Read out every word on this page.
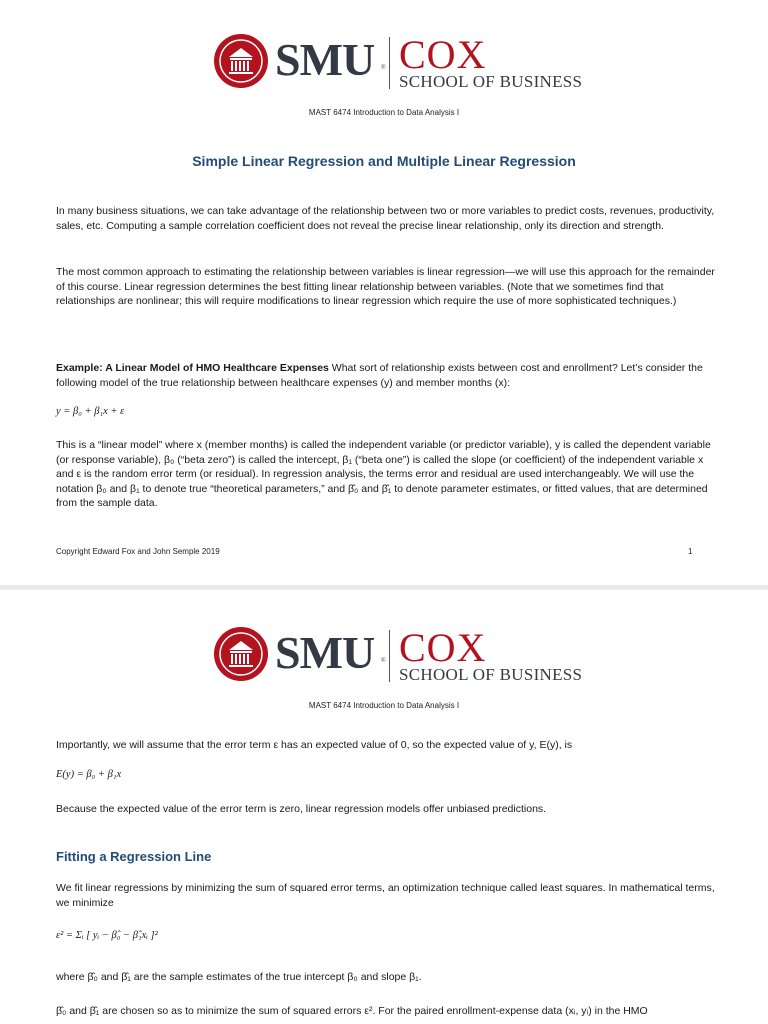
SMU ® COX
SCHOOL OF BUSINESS
MAST 6474 Introduction to Data Analysis I
Simple Linear Regression and Multiple Linear Regression
In many business situations, we can take advantage of the relationship between two or more variables to predict costs, revenues, productivity, sales, etc. Computing a sample correlation coefficient does not reveal the precise linear relationship, only its direction and strength.
The most common approach to estimating the relationship between variables is linear regression—we will use this approach for the remainder of this course. Linear regression determines the best fitting linear relationship between variables. (Note that we sometimes find that relationships are nonlinear; this will require modifications to linear regression which require the use of more sophisticated techniques.)
Example: A Linear Model of HMO Healthcare Expenses What sort of relationship exists between cost and enrollment? Let’s consider the following model of the true relationship between healthcare expenses (y) and member months (x):
y = β₀ + β₁x + ε
This is a “linear model” where x (member months) is called the independent variable (or predictor variable), y is called the dependent variable (or response variable), β₀ (“beta zero”) is called the intercept, β₁ (“beta one”) is called the slope (or coefficient) of the independent variable x and ε is the random error term (or residual). In regression analysis, the terms error and residual are used interchangeably. We will use the notation β₀ and β₁ to denote true “theoretical parameters,” and β̂₀ and β̂₁ to denote parameter estimates, or fitted values, that are determined from the sample data.
Copyright Edward Fox and John Semple 2019	1
SMU ® COX
SCHOOL OF BUSINESS
MAST 6474 Introduction to Data Analysis I
Importantly, we will assume that the error term ε has an expected value of 0, so the expected value of y, E(y), is
E(y) = β₀ + β₁x
Because the expected value of the error term is zero, linear regression models offer unbiased predictions.
Fitting a Regression Line
We fit linear regressions by minimizing the sum of squared error terms, an optimization technique called least squares. In mathematical terms, we minimize
ε² = Σᵢ [ yᵢ − β̂₀ − β̂₁xᵢ ]²
where β̂₀ and β̂₁ are the sample estimates of the true intercept β₀ and slope β₁.
β̂₀ and β̂₁ are chosen so as to minimize the sum of squared errors ε². For the paired enrollment-expense data (xᵢ, yᵢ) in the HMO
